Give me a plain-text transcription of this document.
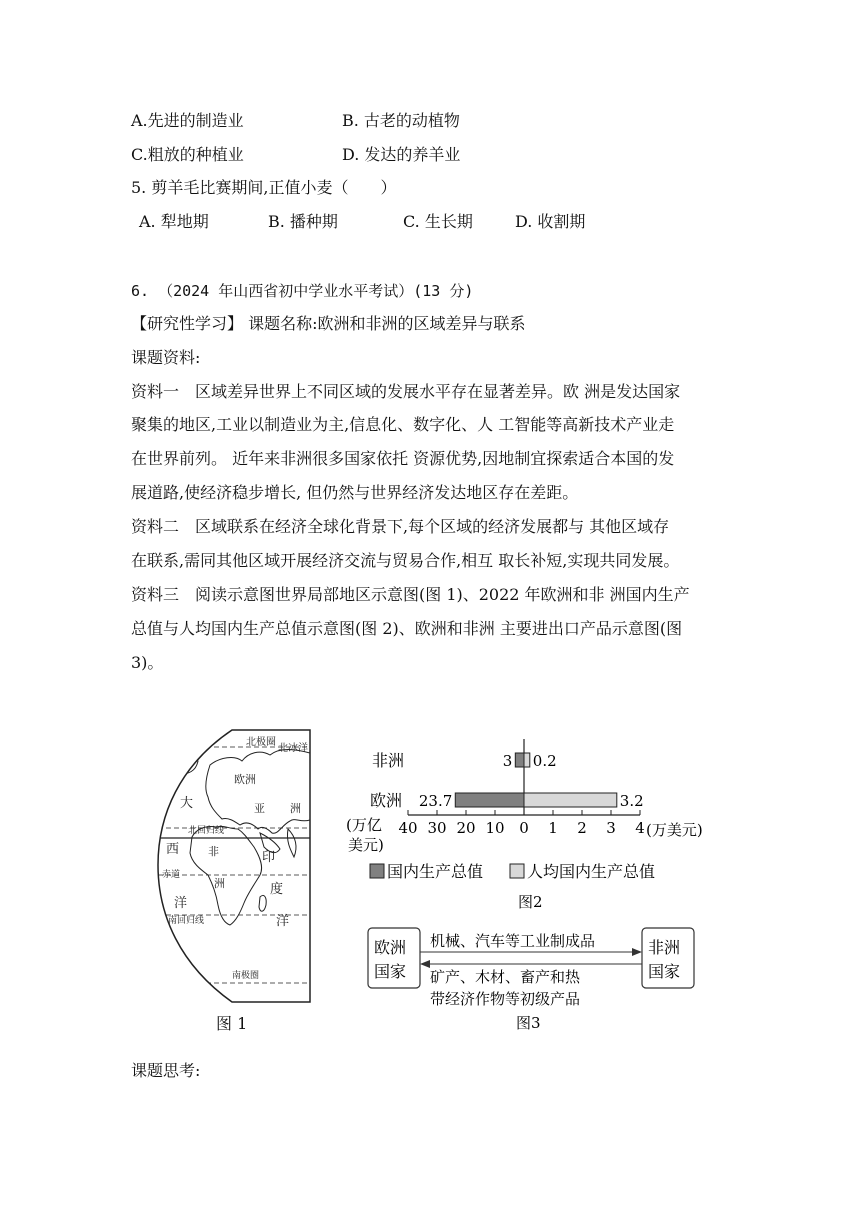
A.先进的制造业	B. 古老的动植物
C.粗放的种植业	D. 发达的养羊业
5. 剪羊毛比赛期间,正值小麦（　　）
A. 犁地期	B. 播种期	C. 生长期	D. 收割期
6. （2024 年山西省初中学业水平考试）(13 分)
【研究性学习】 课题名称:欧洲和非洲的区域差异与联系
课题资料:
资料一　区域差异世界上不同区域的发展水平存在显著差异。欧 洲是发达国家
聚集的地区,工业以制造业为主,信息化、数字化、人 工智能等高新技术产业走
在世界前列。 近年来非洲很多国家依托 资源优势,因地制宜探索适合本国的发
展道路,使经济稳步增长, 但仍然与世界经济发达地区存在差距。
资料二　区域联系在经济全球化背景下,每个区域的经济发展都与 其他区域存
在联系,需同其他区域开展经济交流与贸易合作,相互 取长补短,实现共同发展。
资料三　阅读示意图世界局部地区示意图(图 1)、2022 年欧洲和非 洲国内生产
总值与人均国内生产总值示意图(图 2)、欧洲和非洲 主要进出口产品示意图(图
3)。
北极圈
北冰洋
欧洲
亚 洲
大
北回归线
西	非	印
赤道
洲	度
洋
南回归线	洋
南极圈
图 1
非洲
欧洲
3 0.2
23.7	3.2
40 30 20 10 0 1 2 3 4
(万亿
美元)
(万美元)
国内生产总值	人均国内生产总值
图2
欧洲
国家
非洲
国家
机械、汽车等工业制成品
矿产、木材、畜产和热
带经济作物等初级产品
图3
课题思考:
